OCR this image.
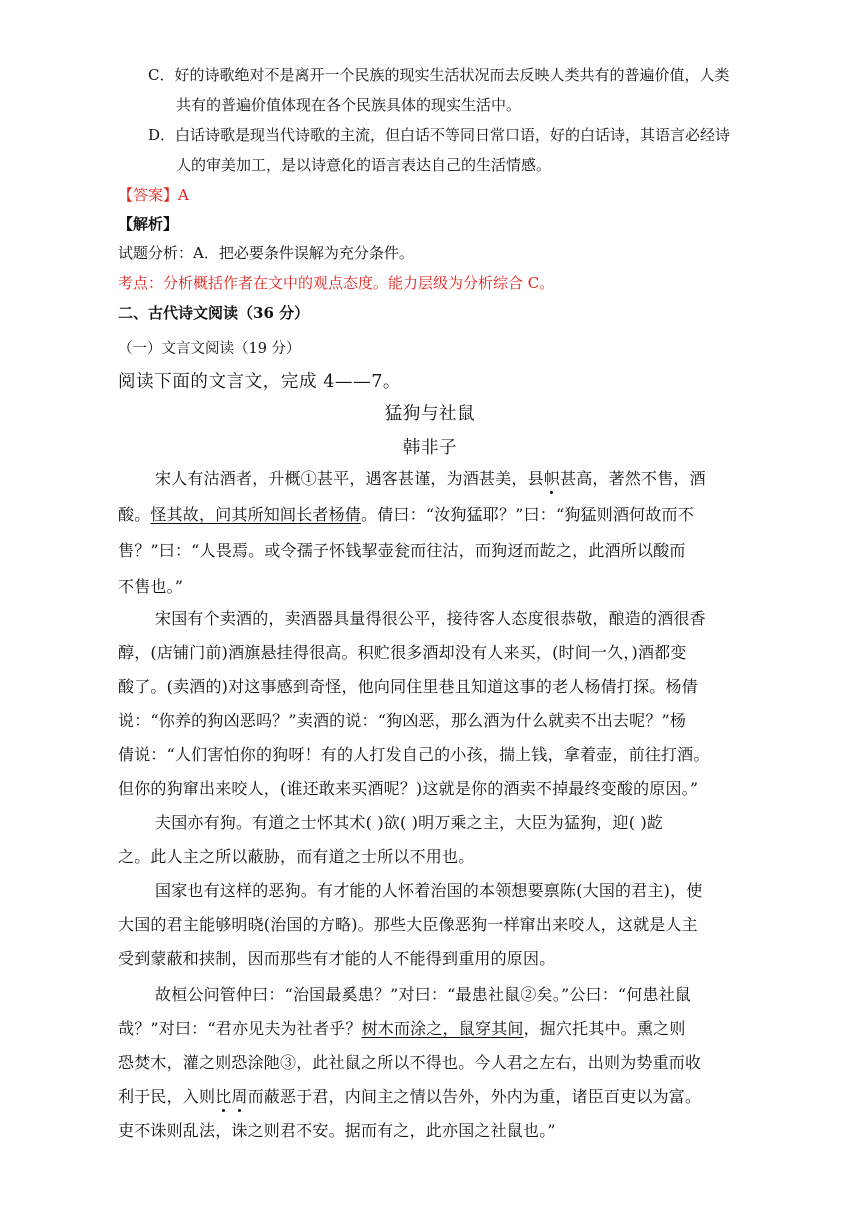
C．好的诗歌绝对不是离开一个民族的现实生活状况而去反映人类共有的普遍价值，人类
共有的普遍价值体现在各个民族具体的现实生活中。
D．白话诗歌是现当代诗歌的主流，但白话不等同日常口语，好的白话诗，其语言必经诗
人的审美加工，是以诗意化的语言表达自己的生活情感。
【答案】A
【解析】
试题分析：A．把必要条件误解为充分条件。
考点：分析概括作者在文中的观点态度。能力层级为分析综合 C。
二、古代诗文阅读（36 分）
（一）文言文阅读（19 分）
阅读下面的文言文，完成 4——7。
猛狗与社鼠
韩非子
宋人有沽酒者，升概①甚平，遇客甚谨，为酒甚美，县帜甚高，著然不售，酒
酸。怪其故，问其所知闾长者杨倩。倩曰：“汝狗猛耶？”曰：“狗猛则酒何故而不
售？”曰：“人畏焉。或令孺子怀钱挈壶瓮而往沽，而狗迓而龁之，此酒所以酸而
不售也。”
宋国有个卖酒的，卖酒器具量得很公平，接待客人态度很恭敬，酿造的酒很香
醇，(店铺门前)酒旗悬挂得很高。积贮很多酒却没有人来买，(时间一久，)酒都变
酸了。(卖酒的)对这事感到奇怪，他向同住里巷且知道这事的老人杨倩打探。杨倩
说：“你养的狗凶恶吗？”卖酒的说：“狗凶恶，那么酒为什么就卖不出去呢？”杨
倩说：“人们害怕你的狗呀！有的人打发自己的小孩，揣上钱，拿着壶，前往打酒。
但你的狗窜出来咬人，(谁还敢来买酒呢？)这就是你的酒卖不掉最终变酸的原因。”
夫国亦有狗。有道之士怀其术( )欲( )明万乘之主，大臣为猛狗，迎( )龁
之。此人主之所以蔽胁，而有道之士所以不用也。
国家也有这样的恶狗。有才能的人怀着治国的本领想要禀陈(大国的君主)，使
大国的君主能够明晓(治国的方略)。那些大臣像恶狗一样窜出来咬人，这就是人主
受到蒙蔽和挟制，因而那些有才能的人不能得到重用的原因。
故桓公问管仲曰：“治国最奚患？”对曰：“最患社鼠②矣。”公曰：“何患社鼠
哉？”对曰：“君亦见夫为社者乎？树木而涂之，鼠穿其间，掘穴托其中。熏之则
恐焚木，灌之则恐涂阤③，此社鼠之所以不得也。今人君之左右，出则为势重而收
利于民，入则比周而蔽恶于君，内间主之情以告外，外内为重，诸臣百吏以为富。
吏不诛则乱法，诛之则君不安。据而有之，此亦国之社鼠也。”
